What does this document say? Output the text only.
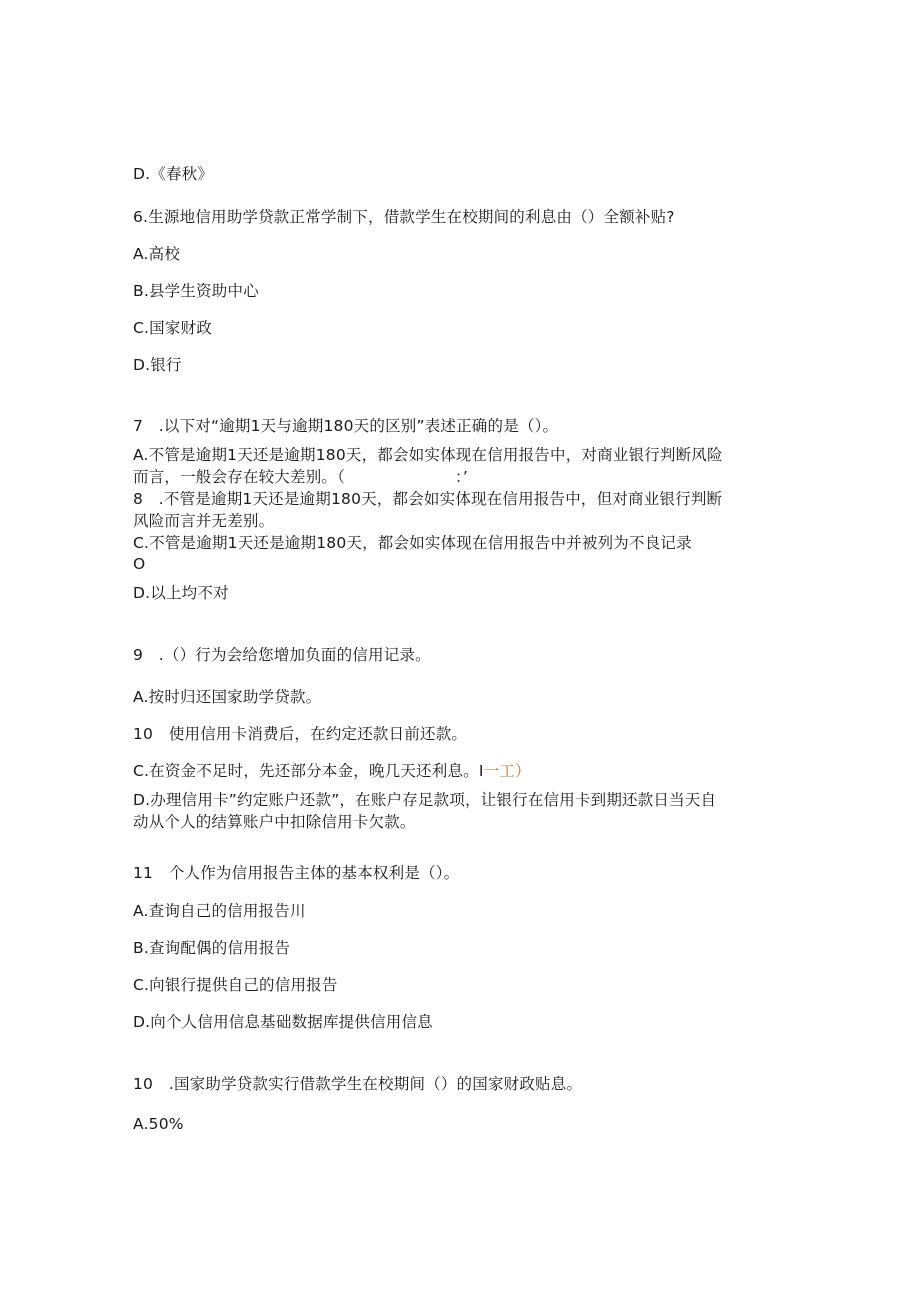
D.《春秋》
6.生源地信用助学贷款正常学制下，借款学生在校期间的利息由（）全额补贴?
A.高校
B.县学生资助中心
C.国家财政
D.银行
7　.以下对“逾期1天与逾期180天的区别”表述正确的是（）。
A.不管是逾期1天还是逾期180天，都会如实体现在信用报告中，对商业银行判断风险
而言，一般会存在较大差别。（　　　　　　　：’
8　.不管是逾期1天还是逾期180天，都会如实体现在信用报告中，但对商业银行判断
风险而言并无差别。
C.不管是逾期1天还是逾期180天，都会如实体现在信用报告中并被列为不良记录
O
D.以上均不对
9　.（）行为会给您增加负面的信用记录。
A.按时归还国家助学贷款。
10　使用信用卡消费后，在约定还款日前还款。
C.在资金不足时，先还部分本金，晚几天还利息。I一工）
D.办理信用卡”约定账户还款”，在账户存足款项，让银行在信用卡到期还款日当天自
动从个人的结算账户中扣除信用卡欠款。
11　个人作为信用报告主体的基本权利是（）。
A.查询自己的信用报告川
B.查询配偶的信用报告
C.向银行提供自己的信用报告
D.向个人信用信息基础数据库提供信用信息
10　.国家助学贷款实行借款学生在校期间（）的国家财政贴息。
A.50%
